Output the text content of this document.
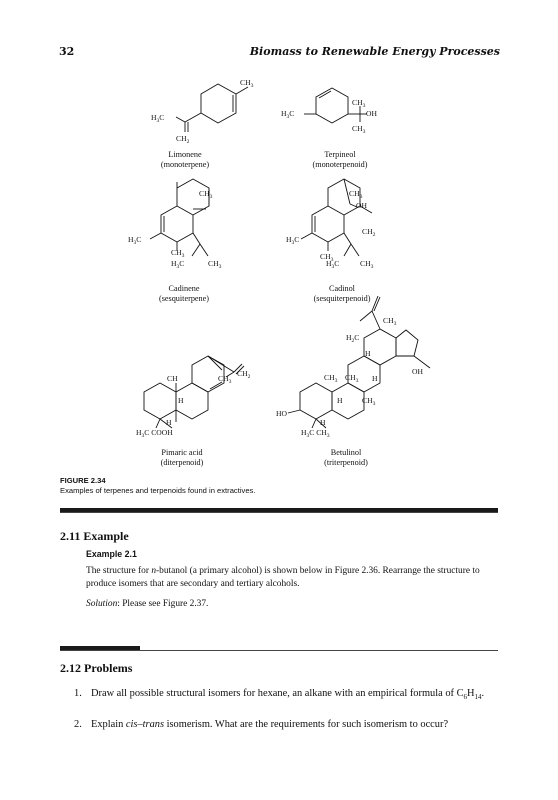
32	Biomass to Renewable Energy Processes
$CH_3$
$H_3C$
$CH_2$
$CH_3$
OH
$CH_3$
$H_3C$
$CH_3$
$H_3C$
$CH_3$
$H_3C$	$CH_3$
$CH_3$
OH
$CH_2$
$H_3C$
$CH_3$
$H_3C$	$CH_3$
CH	$CH_3$
$CH_2$
H
H
$H_3C$ COOH
$CH_3$
$H_2C$
H
$CH_3$ $CH_3$ H
OH
H	$CH_3$
HO
H
$H_3C$ $CH_3$
Limonene
(monoterpene)
Terpineol
(monoterpenoid)
Cadinene
(sesquiterpene)
Cadinol
(sesquiterpenoid)
Pimaric acid
(diterpenoid)
Betulinol
(triterpenoid)
FIGURE 2.34
Examples of terpenes and terpenoids found in extractives.
2.11 Example
Example 2.1
The structure for n-butanol (a primary alcohol) is shown below in Figure 2.36. Rearrange the structure to produce isomers that are secondary and tertiary alcohols.
Solution: Please see Figure 2.37.
2.12 Problems
1. Draw all possible structural isomers for hexane, an alkane with an empirical formula of $C_6H_{14}$.
2. Explain cis–trans isomerism. What are the requirements for such isomerism to occur?
